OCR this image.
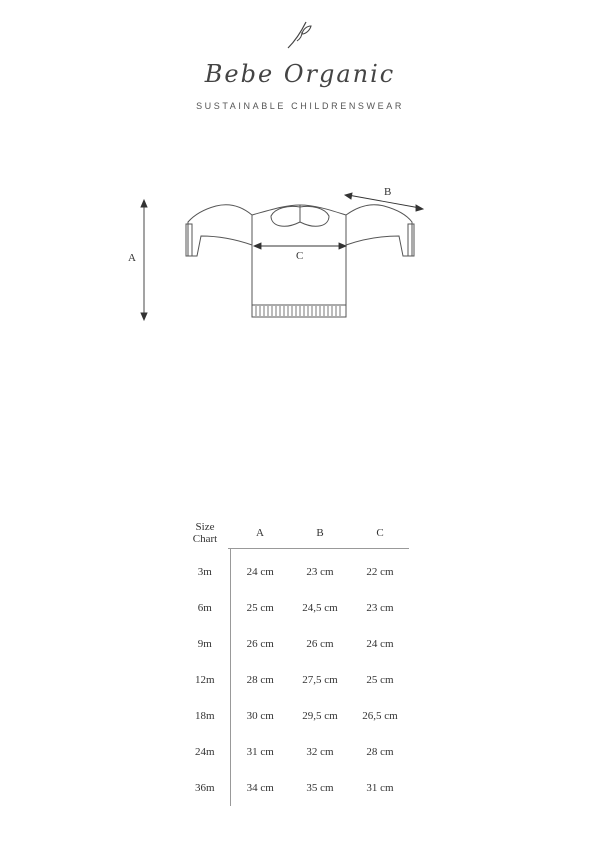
Bebe Organic
SUSTAINABLE CHILDRENSWEAR
A
B
C
Size
Chart	A	B	C
3m	24 cm	23 cm	22 cm
6m	25 cm	24,5 cm	23 cm
9m	26 cm	26 cm	24 cm
12m	28 cm	27,5 cm	25 cm
18m	30 cm	29,5 cm	26,5 cm
24m	31 cm	32 cm	28 cm
36m	34 cm	35 cm	31 cm
